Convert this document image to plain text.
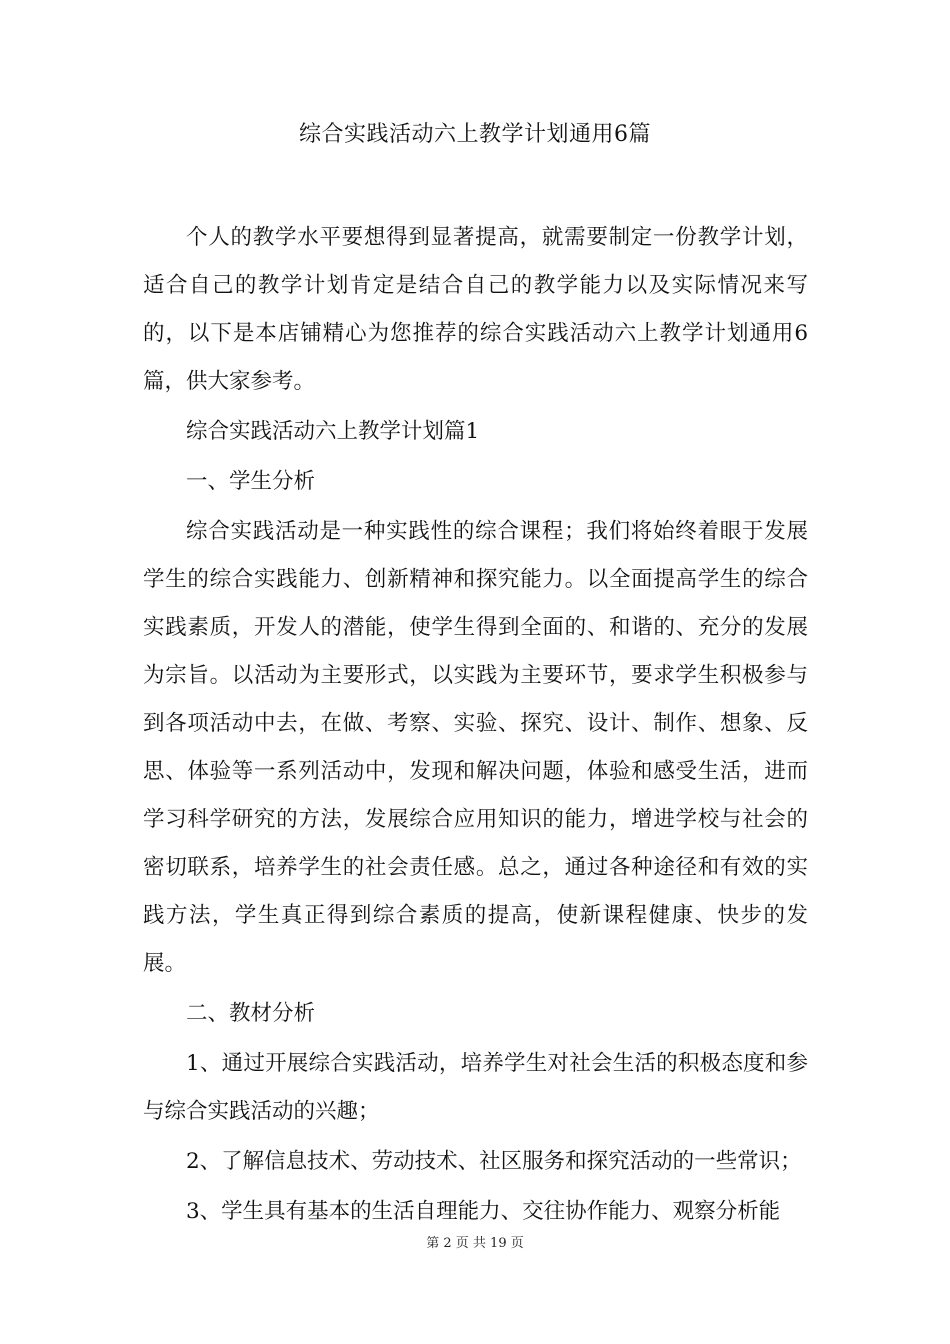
综合实践活动六上教学计划通用6篇

个人的教学水平要想得到显著提高，就需要制定一份教学计划，适合自己的教学计划肯定是结合自己的教学能力以及实际情况来写的，以下是本店铺精心为您推荐的综合实践活动六上教学计划通用6篇，供大家参考。

综合实践活动六上教学计划篇1

一、学生分析

综合实践活动是一种实践性的综合课程；我们将始终着眼于发展学生的综合实践能力、创新精神和探究能力。以全面提高学生的综合实践素质，开发人的潜能，使学生得到全面的、和谐的、充分的发展为宗旨。以活动为主要形式，以实践为主要环节，要求学生积极参与到各项活动中去，在做、考察、实验、探究、设计、制作、想象、反思、体验等一系列活动中，发现和解决问题，体验和感受生活，进而学习科学研究的方法，发展综合应用知识的能力，增进学校与社会的密切联系，培养学生的社会责任感。总之，通过各种途径和有效的实践方法，学生真正得到综合素质的提高，使新课程健康、快步的发展。

二、教材分析

1、通过开展综合实践活动，培养学生对社会生活的积极态度和参与综合实践活动的兴趣；

2、了解信息技术、劳动技术、社区服务和探究活动的一些常识；

3、学生具有基本的生活自理能力、交往协作能力、观察分析能

第 2 页 共 19 页
